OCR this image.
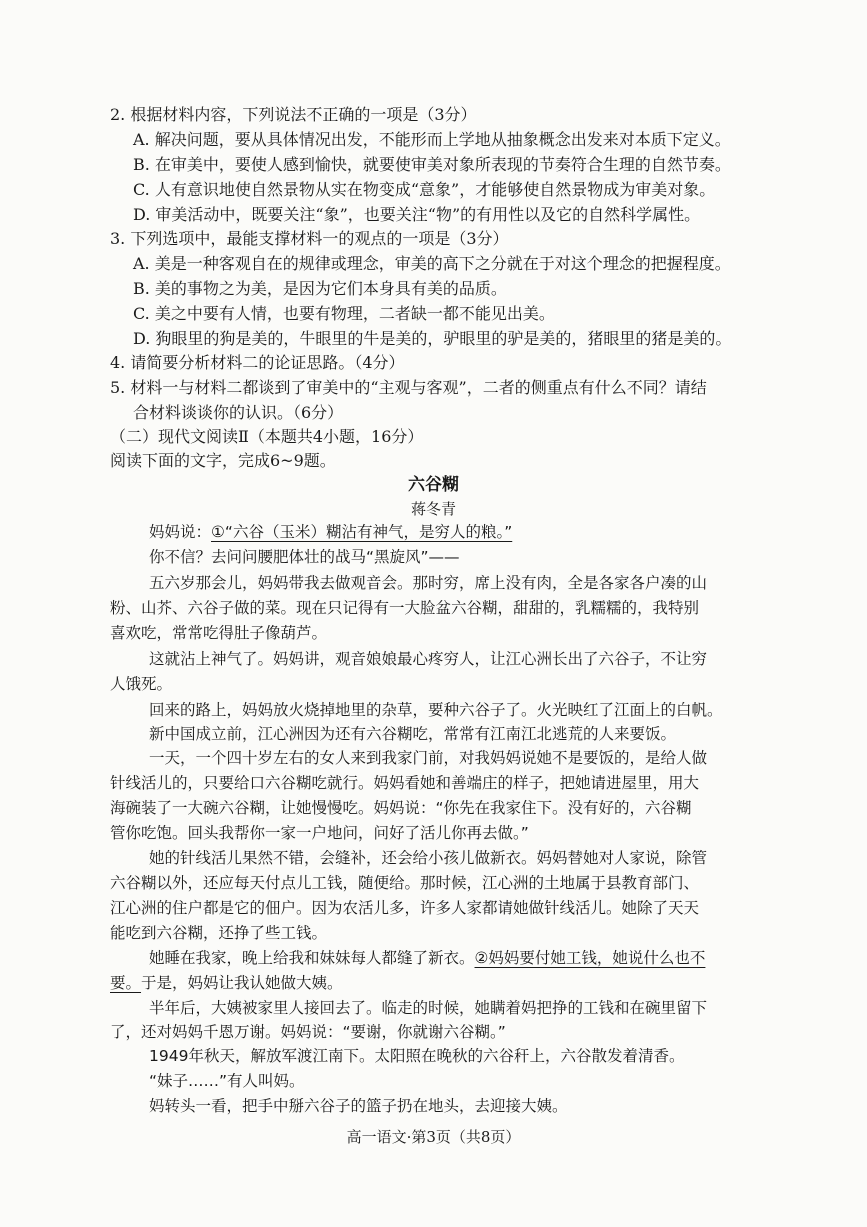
2. 根据材料内容，下列说法不正确的一项是（3分）
A. 解决问题，要从具体情况出发，不能形而上学地从抽象概念出发来对本质下定义。
B. 在审美中，要使人感到愉快，就要使审美对象所表现的节奏符合生理的自然节奏。
C. 人有意识地使自然景物从实在物变成“意象”，才能够使自然景物成为审美对象。
D. 审美活动中，既要关注“象”，也要关注“物”的有用性以及它的自然科学属性。
3. 下列选项中，最能支撑材料一的观点的一项是（3分）
A. 美是一种客观自在的规律或理念，审美的高下之分就在于对这个理念的把握程度。
B. 美的事物之为美，是因为它们本身具有美的品质。
C. 美之中要有人情，也要有物理，二者缺一都不能见出美。
D. 狗眼里的狗是美的，牛眼里的牛是美的，驴眼里的驴是美的，猪眼里的猪是美的。
4. 请简要分析材料二的论证思路。（4分）
5. 材料一与材料二都谈到了审美中的“主观与客观”，二者的侧重点有什么不同？请结
合材料谈谈你的认识。（6分）
（二）现代文阅读Ⅱ（本题共4小题，16分）
阅读下面的文字，完成6~9题。
六谷糊
蒋冬青
妈妈说：①“六谷（玉米）糊沾有神气，是穷人的粮。”
你不信？去问问腰肥体壮的战马“黑旋风”——
五六岁那会儿，妈妈带我去做观音会。那时穷，席上没有肉，全是各家各户凑的山
粉、山芥、六谷子做的菜。现在只记得有一大脸盆六谷糊，甜甜的，乳糯糯的，我特别
喜欢吃，常常吃得肚子像葫芦。
这就沾上神气了。妈妈讲，观音娘娘最心疼穷人，让江心洲长出了六谷子，不让穷
人饿死。
回来的路上，妈妈放火烧掉地里的杂草，要种六谷子了。火光映红了江面上的白帆。
新中国成立前，江心洲因为还有六谷糊吃，常常有江南江北逃荒的人来要饭。
一天，一个四十岁左右的女人来到我家门前，对我妈妈说她不是要饭的，是给人做
针线活儿的，只要给口六谷糊吃就行。妈妈看她和善端庄的样子，把她请进屋里，用大
海碗装了一大碗六谷糊，让她慢慢吃。妈妈说：“你先在我家住下。没有好的，六谷糊
管你吃饱。回头我帮你一家一户地问，问好了活儿你再去做。”
她的针线活儿果然不错，会缝补，还会给小孩儿做新衣。妈妈替她对人家说，除管
六谷糊以外，还应每天付点儿工钱，随便给。那时候，江心洲的土地属于县教育部门、
江心洲的住户都是它的佃户。因为农活儿多，许多人家都请她做针线活儿。她除了天天
能吃到六谷糊，还挣了些工钱。
她睡在我家，晚上给我和妹妹每人都缝了新衣。②妈妈要付她工钱，她说什么也不
要。于是，妈妈让我认她做大姨。
半年后，大姨被家里人接回去了。临走的时候，她瞒着妈把挣的工钱和在碗里留下
了，还对妈妈千恩万谢。妈妈说：“要谢，你就谢六谷糊。”
1949年秋天，解放军渡江南下。太阳照在晚秋的六谷秆上，六谷散发着清香。
“妹子……”有人叫妈。
妈转头一看，把手中掰六谷子的篮子扔在地头，去迎接大姨。
高一语文·第3页（共8页）
